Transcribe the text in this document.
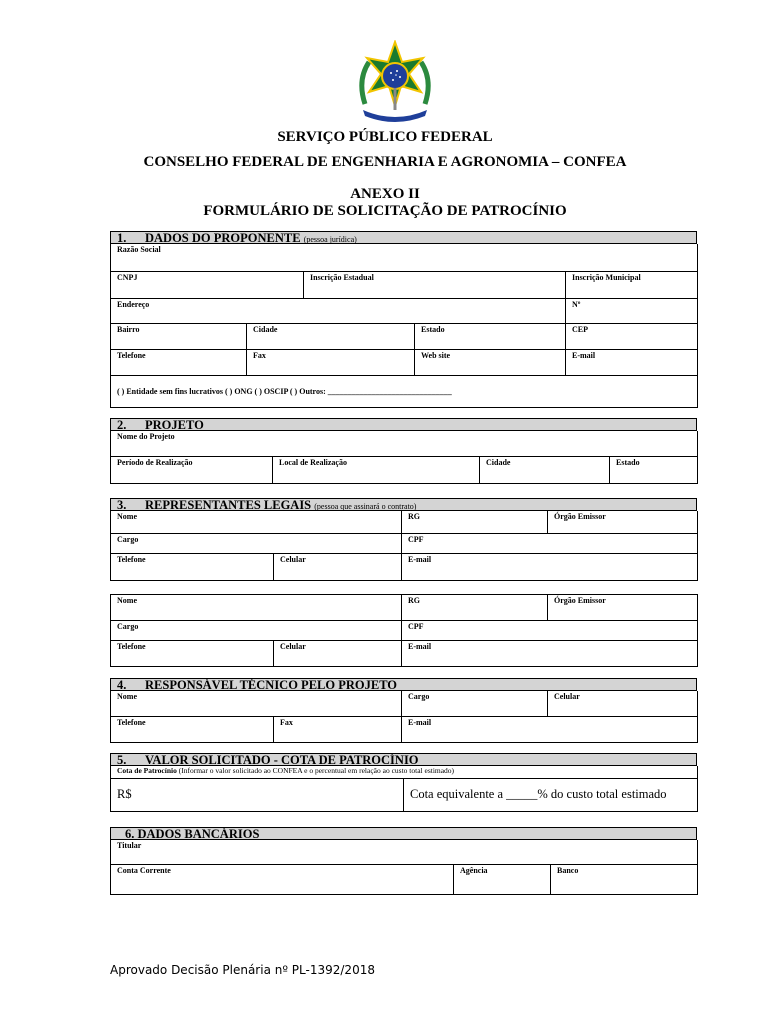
SERVIÇO PÚBLICO FEDERAL
CONSELHO FEDERAL DE ENGENHARIA E AGRONOMIA – CONFEA
ANEXO II
FORMULÁRIO DE SOLICITAÇÃO DE PATROCÍNIO
1. DADOS DO PROPONENTE (pessoa jurídica)
Razão Social				
CNPJ		Inscrição Estadual		Inscrição Municipal
Endereço				Nº
Bairro	Cidade		Estado	CEP
Telefone	Fax		Web site	E-mail
( ) Entidade sem fins lucrativos ( ) ONG ( ) OSCIP ( ) Outros: _______________________________				
2. PROJETO
Nome do Projeto
Período de Realização	Local de Realização	Cidade	Estado
3. REPRESENTANTES LEGAIS (pessoa que assinará o contrato)
Nome		RG	Órgão Emissor
Cargo		CPF	
Telefone	Celular	E-mail	
Nome		RG	Órgão Emissor
Cargo		CPF	
Telefone	Celular	E-mail	
4. RESPONSÁVEL TÉCNICO PELO PROJETO
Nome		Cargo	Celular
Telefone	Fax	E-mail	
5. VALOR SOLICITADO - COTA DE PATROCÍNIO
Cota de Patrocínio (Informar o valor solicitado ao CONFEA e o percentual em relação ao custo total estimado)
R$	Cota equivalente a _____% do custo total estimado
6. DADOS BANCÁRIOS
Titular
Conta Corrente	Agência	Banco
Aprovado Decisão Plenária nº PL-1392/2018
